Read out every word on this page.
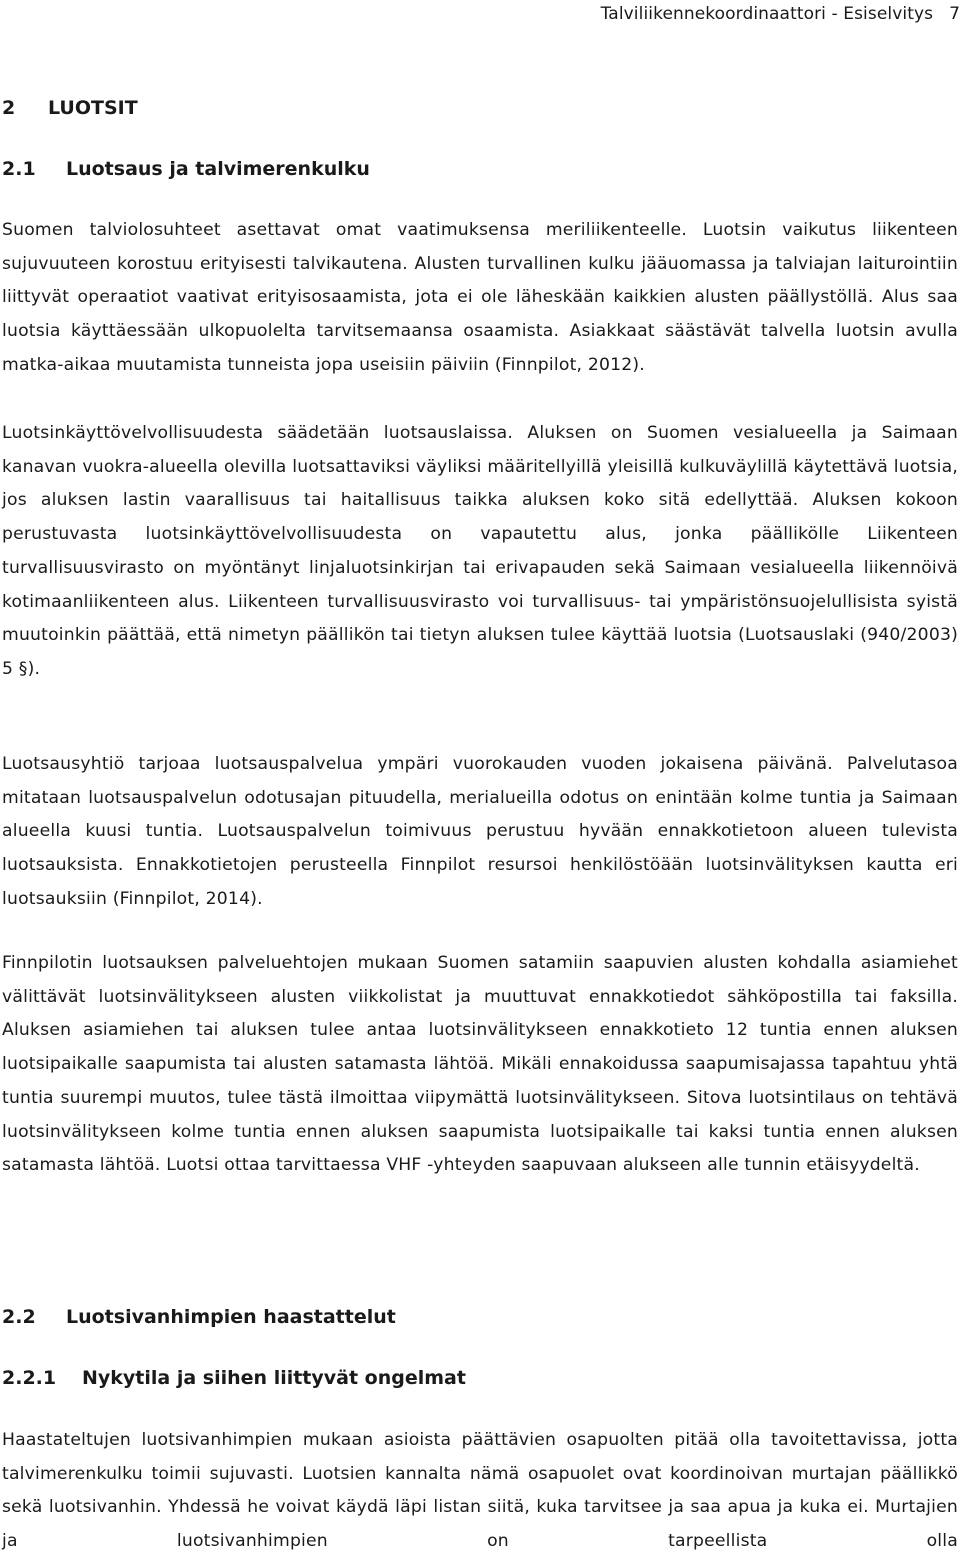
Talviliikennekoordinaattori - Esiselvitys 7
2 LUOTSIT
2.1 Luotsaus ja talvimerenkulku
Suomen talviolosuhteet asettavat omat vaatimuksensa meriliikenteelle. Luotsin vaikutus liikenteen sujuvuuteen korostuu erityisesti talvikautena. Alusten turvallinen kulku jääuomassa ja talviajan laiturointiin liittyvät operaatiot vaativat erityisosaamista, jota ei ole läheskään kaikkien alusten päällystöllä. Alus saa luotsia käyttäessään ulkopuolelta tarvitsemaansa osaamista. Asiakkaat säästävät talvella luotsin avulla matka-aikaa muutamista tunneista jopa useisiin päiviin (Finnpilot, 2012).
Luotsinkäyttövelvollisuudesta säädetään luotsauslaissa. Aluksen on Suomen vesialueella ja Saimaan kanavan vuokra-alueella olevilla luotsattaviksi väyliksi määritellyillä yleisillä kulkuväylillä käytettävä luotsia, jos aluksen lastin vaarallisuus tai haitallisuus taikka aluksen koko sitä edellyttää. Aluksen kokoon perustuvasta luotsinkäyttövelvollisuudesta on vapautettu alus, jonka päällikölle Liikenteen turvallisuusvirasto on myöntänyt linjaluotsinkirjan tai erivapauden sekä Saimaan vesialueella liikennöivä kotimaanliikenteen alus. Liikenteen turvallisuusvirasto voi turvallisuus- tai ympäristönsuojelullisista syistä muutoinkin päättää, että nimetyn päällikön tai tietyn aluksen tulee käyttää luotsia (Luotsauslaki (940/2003) 5 §).
Luotsausyhtiö tarjoaa luotsauspalvelua ympäri vuorokauden vuoden jokaisena päivänä. Palvelutasoa mitataan luotsauspalvelun odotusajan pituudella, merialueilla odotus on enintään kolme tuntia ja Saimaan alueella kuusi tuntia. Luotsauspalvelun toimivuus perustuu hyvään ennakkotietoon alueen tulevista luotsauksista. Ennakkotietojen perusteella Finnpilot resursoi henkilöstöään luotsinvälityksen kautta eri luotsauksiin (Finnpilot, 2014).
Finnpilotin luotsauksen palveluehtojen mukaan Suomen satamiin saapuvien alusten kohdalla asiamiehet välittävät luotsinvälitykseen alusten viikkolistat ja muuttuvat ennakkotiedot sähköpostilla tai faksilla. Aluksen asiamiehen tai aluksen tulee antaa luotsinvälitykseen ennakkotieto 12 tuntia ennen aluksen luotsipaikalle saapumista tai alusten satamasta lähtöä. Mikäli ennakoidussa saapumisajassa tapahtuu yhtä tuntia suurempi muutos, tulee tästä ilmoittaa viipymättä luotsinvälitykseen. Sitova luotsintilaus on tehtävä luotsinvälitykseen kolme tuntia ennen aluksen saapumista luotsipaikalle tai kaksi tuntia ennen aluksen satamasta lähtöä. Luotsi ottaa tarvittaessa VHF -yhteyden saapuvaan alukseen alle tunnin etäisyydeltä.
2.2 Luotsivanhimpien haastattelut
2.2.1 Nykytila ja siihen liittyvät ongelmat
Haastateltujen luotsivanhimpien mukaan asioista päättävien osapuolten pitää olla tavoitettavissa, jotta talvimerenkulku toimii sujuvasti. Luotsien kannalta nämä osapuolet ovat koordinoivan murtajan päällikkö sekä luotsivanhin. Yhdessä he voivat käydä läpi listan siitä, kuka tarvitsee ja saa apua ja kuka ei. Murtajien ja luotsivanhimpien on tarpeellista olla
